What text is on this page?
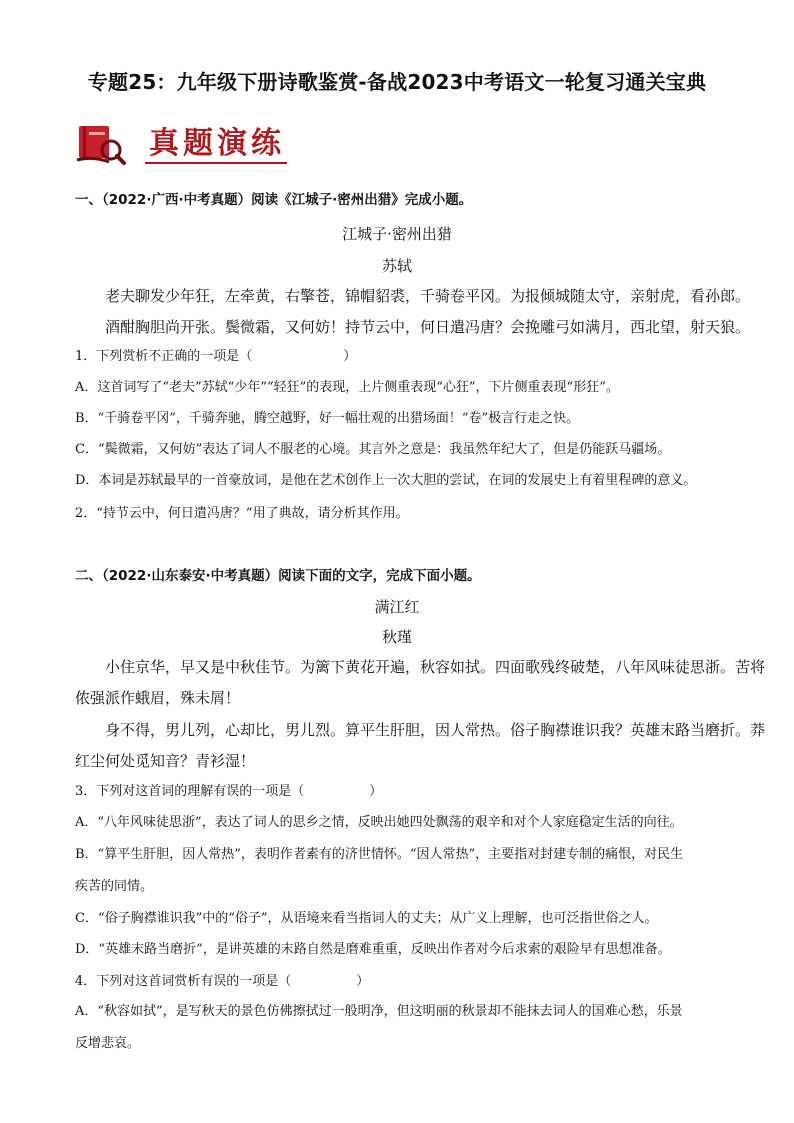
专题25：九年级下册诗歌鉴赏-备战2023中考语文一轮复习通关宝典
真题演练
一、（2022·广西·中考真题）阅读《江城子·密州出猎》完成小题。
江城子·密州出猎
苏轼
老夫聊发少年狂，左牵黄，右擎苍，锦帽貂裘，千骑卷平冈。为报倾城随太守，亲射虎，看孙郎。
酒酣胸胆尚开张。鬓微霜，又何妨！持节云中，何日遣冯唐？会挽雕弓如满月，西北望，射天狼。
1．下列赏析不正确的一项是（　　　　　　　）
A．这首词写了“老夫”苏轼“少年”“轻狂”的表现，上片侧重表现“心狂”，下片侧重表现“形狂”。
B．“千骑卷平冈”，千骑奔驰，腾空越野，好一幅壮观的出猎场面！“卷”极言行走之快。
C．“鬓微霜，又何妨”表达了词人不服老的心境。其言外之意是：我虽然年纪大了，但是仍能跃马疆场。
D．本词是苏轼最早的一首豪放词，是他在艺术创作上一次大胆的尝试，在词的发展史上有着里程碑的意义。
2．“持节云中，何日遣冯唐？”用了典故，请分析其作用。
二、（2022·山东泰安·中考真题）阅读下面的文字，完成下面小题。
满江红
秋瑾
小住京华，早又是中秋佳节。为篱下黄花开遍，秋容如拭。四面歌残终破楚，八年风味徒思浙。苦将
侬强派作蛾眉，殊未屑！
身不得，男儿列，心却比，男儿烈。算平生肝胆，因人常热。俗子胸襟谁识我？英雄末路当磨折。莽
红尘何处觅知音？青衫湿！
3．下列对这首词的理解有误的一项是（　　　　　）
A．“八年风味徒思浙”，表达了词人的思乡之情，反映出她四处飘荡的艰辛和对个人家庭稳定生活的向往。
B．“算平生肝胆，因人常热”，表明作者素有的济世情怀。“因人常热”，主要指对封建专制的痛恨，对民生
疾苦的同情。
C．“俗子胸襟谁识我”中的“俗子”，从语境来看当指词人的丈夫；从广义上理解，也可泛指世俗之人。
D．“英雄末路当磨折”，是讲英雄的末路自然是磨难重重，反映出作者对今后求索的艰险早有思想准备。
4．下列对这首词赏析有误的一项是（　　　　　）
A．“秋容如拭”，是写秋天的景色仿佛擦拭过一般明净，但这明丽的秋景却不能抹去词人的国难心愁，乐景
反增悲哀。
